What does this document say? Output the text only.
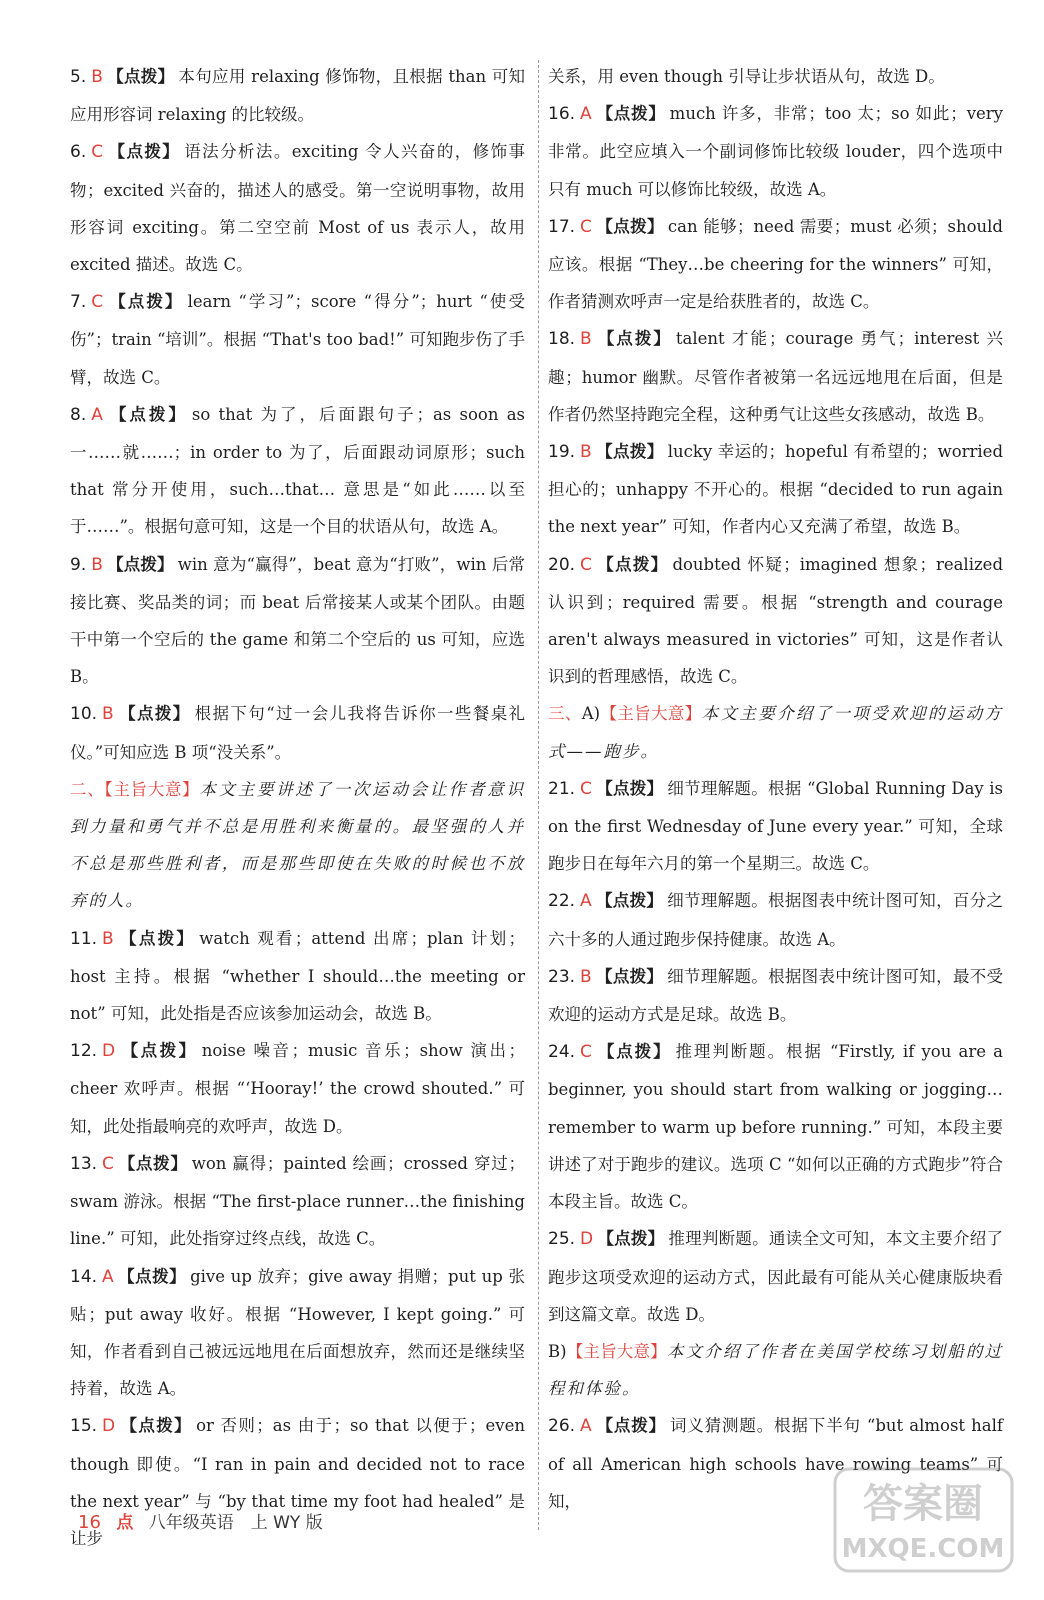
5. B 【点拨】 本句应用 relaxing 修饰物，且根据 than 可知应用形容词 relaxing 的比较级。
6. C 【点拨】 语法分析法。exciting 令人兴奋的，修饰事物；excited 兴奋的，描述人的感受。第一空说明事物，故用形容词 exciting。第二空空前 Most of us 表示人，故用 excited 描述。故选 C。
7. C 【点拨】 learn “学习”；score “得分”；hurt “使受伤”；train “培训”。根据 “That's too bad!” 可知跑步伤了手臂，故选 C。
8. A 【点拨】 so that 为了，后面跟句子；as soon as 一……就……；in order to 为了，后面跟动词原形；such that 常分开使用，such…that… 意思是“如此……以至于……”。根据句意可知，这是一个目的状语从句，故选 A。
9. B 【点拨】 win 意为“赢得”，beat 意为“打败”，win 后常接比赛、奖品类的词；而 beat 后常接某人或某个团队。由题干中第一个空后的 the game 和第二个空后的 us 可知，应选 B。
10. B 【点拨】 根据下句“过一会儿我将告诉你一些餐桌礼仪。”可知应选 B 项“没关系”。
二、【主旨大意】本文主要讲述了一次运动会让作者意识到力量和勇气并不总是用胜利来衡量的。最坚强的人并不总是那些胜利者，而是那些即使在失败的时候也不放弃的人。
11. B 【点拨】 watch 观看；attend 出席；plan 计划；host 主持。根据 “whether I should…the meeting or not” 可知，此处指是否应该参加运动会，故选 B。
12. D 【点拨】 noise 噪音；music 音乐；show 演出；cheer 欢呼声。根据 “‘Hooray!’ the crowd shouted.” 可知，此处指最响亮的欢呼声，故选 D。
13. C 【点拨】 won 赢得；painted 绘画；crossed 穿过；swam 游泳。根据 “The first-place runner…the finishing line.” 可知，此处指穿过终点线，故选 C。
14. A 【点拨】 give up 放弃；give away 捐赠；put up 张贴；put away 收好。根据 “However, I kept going.” 可知，作者看到自己被远远地甩在后面想放弃，然而还是继续坚持着，故选 A。
15. D 【点拨】 or 否则；as 由于；so that 以便于；even though 即使。“I ran in pain and decided not to race the next year” 与 “by that time my foot had healed” 是让步
关系，用 even though 引导让步状语从句，故选 D。
16. A 【点拨】 much 许多，非常；too 太；so 如此；very 非常。此空应填入一个副词修饰比较级 louder，四个选项中只有 much 可以修饰比较级，故选 A。
17. C 【点拨】 can 能够；need 需要；must 必须；should 应该。根据 “They…be cheering for the winners” 可知，作者猜测欢呼声一定是给获胜者的，故选 C。
18. B 【点拨】 talent 才能；courage 勇气；interest 兴趣；humor 幽默。尽管作者被第一名远远地甩在后面，但是作者仍然坚持跑完全程，这种勇气让这些女孩感动，故选 B。
19. B 【点拨】 lucky 幸运的；hopeful 有希望的；worried 担心的；unhappy 不开心的。根据 “decided to run again the next year” 可知，作者内心又充满了希望，故选 B。
20. C 【点拨】 doubted 怀疑；imagined 想象；realized 认识到；required 需要。根据 “strength and courage aren't always measured in victories” 可知，这是作者认识到的哲理感悟，故选 C。
三、A)【主旨大意】本文主要介绍了一项受欢迎的运动方式——跑步。
21. C 【点拨】 细节理解题。根据 “Global Running Day is on the first Wednesday of June every year.” 可知，全球跑步日在每年六月的第一个星期三。故选 C。
22. A 【点拨】 细节理解题。根据图表中统计图可知，百分之六十多的人通过跑步保持健康。故选 A。
23. B 【点拨】 细节理解题。根据图表中统计图可知，最不受欢迎的运动方式是足球。故选 B。
24. C 【点拨】 推理判断题。根据 “Firstly, if you are a beginner, you should start from walking or jogging…remember to warm up before running.” 可知，本段主要讲述了对于跑步的建议。选项 C “如何以正确的方式跑步”符合本段主旨。故选 C。
25. D 【点拨】 推理判断题。通读全文可知，本文主要介绍了跑步这项受欢迎的运动方式，因此最有可能从关心健康版块看到这篇文章。故选 D。
B)【主旨大意】本文介绍了作者在美国学校练习划船的过程和体验。
26. A 【点拨】 词义猜测题。根据下半句 “but almost half of all American high schools have rowing teams” 可知，
16 点 八年级英语　上 WY 版	答案圈
MXQE.COM
